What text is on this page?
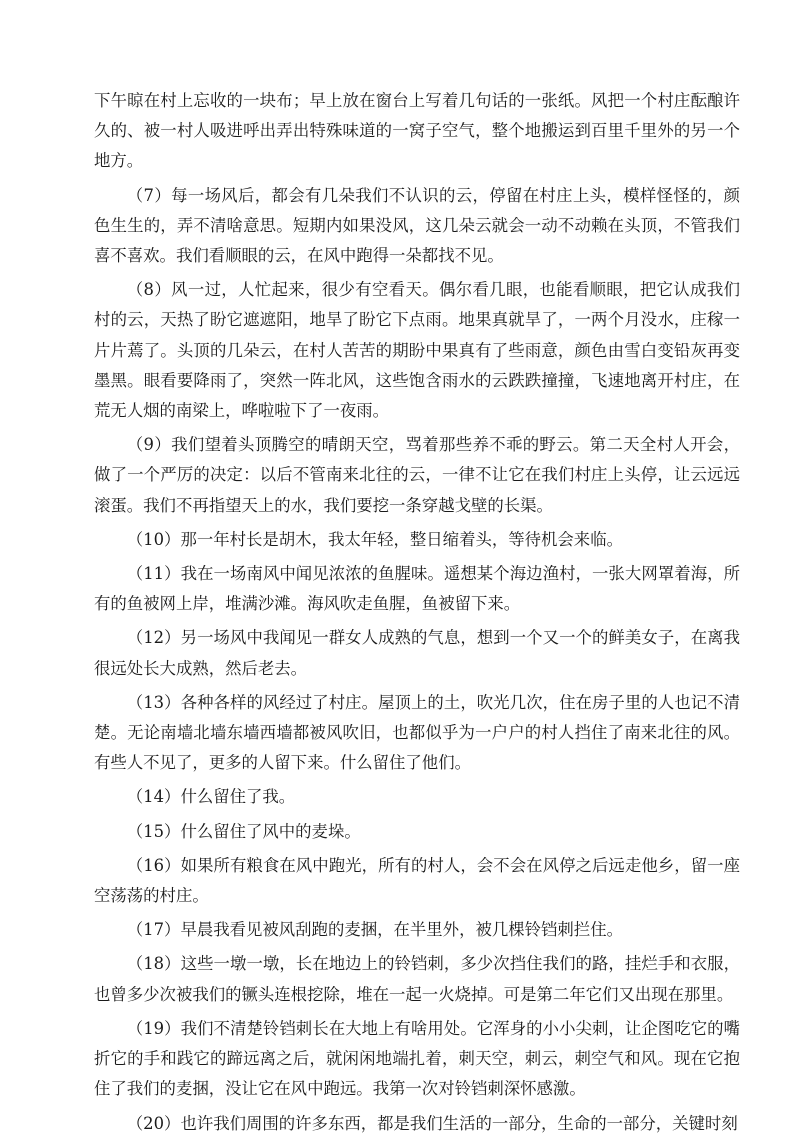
下午晾在村上忘收的一块布；早上放在窗台上写着几句话的一张纸。风把一个村庄酝酿许久的、被一村人吸进呼出弄出特殊味道的一窝子空气，整个地搬运到百里千里外的另一个地方。

（7）每一场风后，都会有几朵我们不认识的云，停留在村庄上头，模样怪怪的，颜色生生的，弄不清啥意思。短期内如果没风，这几朵云就会一动不动赖在头顶，不管我们喜不喜欢。我们看顺眼的云，在风中跑得一朵都找不见。

（8）风一过，人忙起来，很少有空看天。偶尔看几眼，也能看顺眼，把它认成我们村的云，天热了盼它遮遮阳，地旱了盼它下点雨。地果真就旱了，一两个月没水，庄稼一片片蔫了。头顶的几朵云，在村人苦苦的期盼中果真有了些雨意，颜色由雪白变铅灰再变墨黑。眼看要降雨了，突然一阵北风，这些饱含雨水的云跌跌撞撞，飞速地离开村庄，在荒无人烟的南梁上，哗啦啦下了一夜雨。

（9）我们望着头顶腾空的晴朗天空，骂着那些养不乖的野云。第二天全村人开会，做了一个严厉的决定：以后不管南来北往的云，一律不让它在我们村庄上头停，让云远远滚蛋。我们不再指望天上的水，我们要挖一条穿越戈壁的长渠。

（10）那一年村长是胡木，我太年轻，整日缩着头，等待机会来临。

（11）我在一场南风中闻见浓浓的鱼腥味。遥想某个海边渔村，一张大网罩着海，所有的鱼被网上岸，堆满沙滩。海风吹走鱼腥，鱼被留下来。

（12）另一场风中我闻见一群女人成熟的气息，想到一个又一个的鲜美女子，在离我很远处长大成熟，然后老去。

（13）各种各样的风经过了村庄。屋顶上的土，吹光几次，住在房子里的人也记不清楚。无论南墙北墙东墙西墙都被风吹旧，也都似乎为一户户的村人挡住了南来北往的风。有些人不见了，更多的人留下来。什么留住了他们。

（14）什么留住了我。

（15）什么留住了风中的麦垛。

（16）如果所有粮食在风中跑光，所有的村人，会不会在风停之后远走他乡，留一座空荡荡的村庄。

（17）早晨我看见被风刮跑的麦捆，在半里外，被几棵铃铛刺拦住。

（18）这些一墩一墩，长在地边上的铃铛刺，多少次挡住我们的路，挂烂手和衣服，也曾多少次被我们的镢头连根挖除，堆在一起一火烧掉。可是第二年它们又出现在那里。

（19）我们不清楚铃铛刺长在大地上有啥用处。它浑身的小小尖刺，让企图吃它的嘴折它的手和践它的蹄远离之后，就闲闲地端扎着，刺天空，刺云，刺空气和风。现在它抱住了我们的麦捆，没让它在风中跑远。我第一次对铃铛刺深怀感激。

（20）也许我们周围的许多东西，都是我们生活的一部分，生命的一部分，关键时刻
